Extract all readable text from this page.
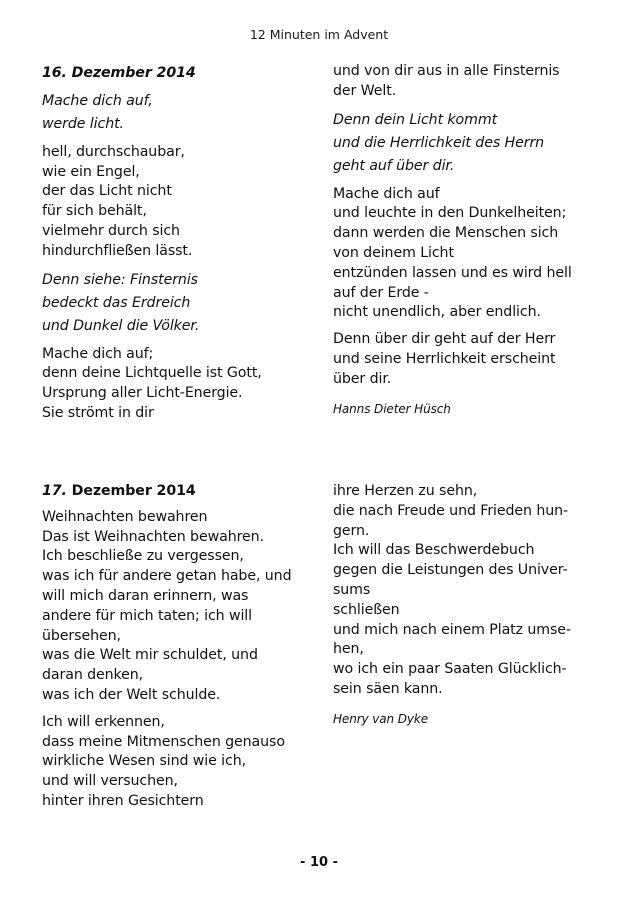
12 Minuten im Advent
16. Dezember 2014
Mache dich auf,
werde licht.
hell, durchschaubar,
wie ein Engel,
der das Licht nicht
für sich behält,
vielmehr durch sich
hindurchfließen lässt.
Denn siehe: Finsternis
bedeckt das Erdreich
und Dunkel die Völker.
Mache dich auf;
denn deine Lichtquelle ist Gott,
Ursprung aller Licht-Energie.
Sie strömt in dir
und von dir aus in alle Finsternis
der Welt.
Denn dein Licht kommt
und die Herrlichkeit des Herrn
geht auf über dir.
Mache dich auf
und leuchte in den Dunkelheiten;
dann werden die Menschen sich
von deinem Licht
entzünden lassen und es wird hell
auf der Erde -
nicht unendlich, aber endlich.
Denn über dir geht auf der Herr
und seine Herrlichkeit erscheint
über dir.
Hanns Dieter Hüsch
17. Dezember 2014
Weihnachten bewahren
Das ist Weihnachten bewahren.
Ich beschließe zu vergessen,
was ich für andere getan habe, und
will mich daran erinnern, was
andere für mich taten; ich will
übersehen,
was die Welt mir schuldet, und
daran denken,
was ich der Welt schulde.
Ich will erkennen,
dass meine Mitmenschen genauso
wirkliche Wesen sind wie ich,
und will versuchen,
hinter ihren Gesichtern
ihre Herzen zu sehn,
die nach Freude und Frieden hun-
gern.
Ich will das Beschwerdebuch
gegen die Leistungen des Univer-
sums
schließen
und mich nach einem Platz umse-
hen,
wo ich ein paar Saaten Glücklich-
sein säen kann.
Henry van Dyke
- 10 -
